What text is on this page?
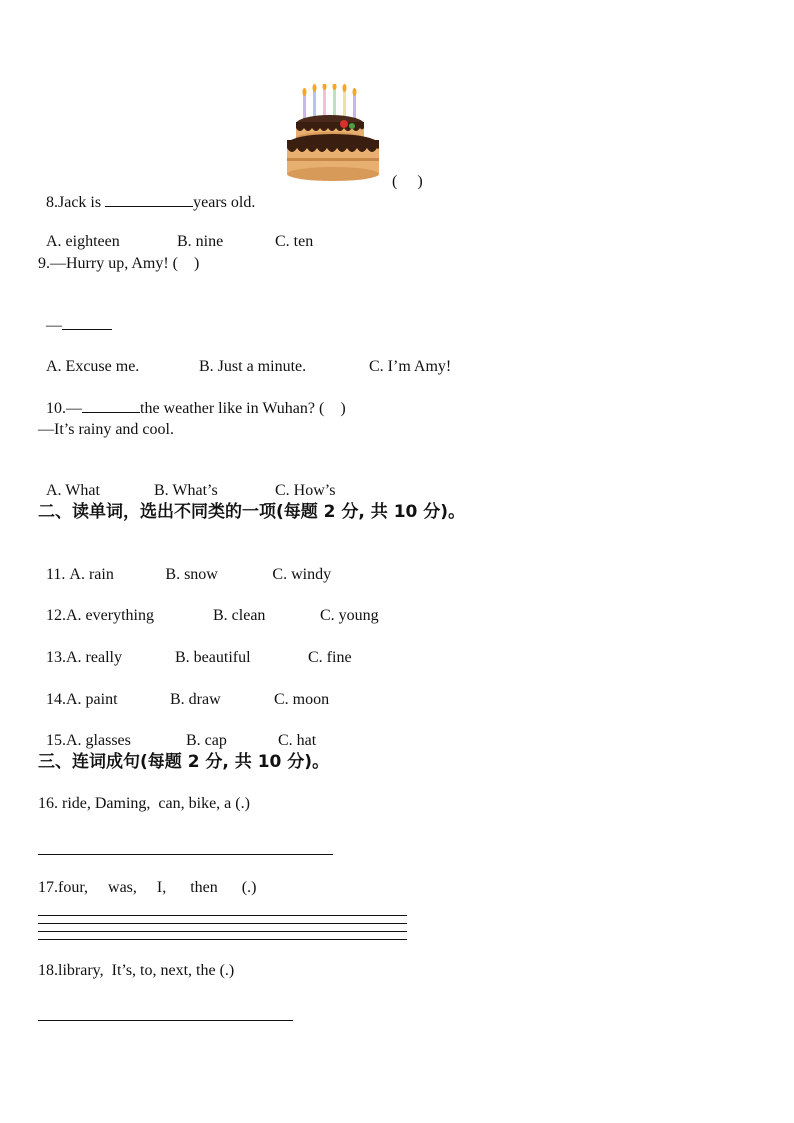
8.Jack is	years old.

(     )

A. eighteen	B. nine	C. ten

9.—Hurry up, Amy! (    )

—

A. Excuse me.	B. Just a minute.	C. I’m Amy!

10.—	the weather like in Wuhan? (    )

—It’s rainy and cool.

A. What	B. What’s	C. How’s

二、读单词，选出不同类的一项(每题 2 分, 共 10 分)。

11. A. rain	B. snow	C. windy

12.A. everything	B. clean	C. young

13.A. really	B. beautiful	C. fine

14.A. paint	B. draw	C. moon

15.A. glasses	B. cap	C. hat

三、连词成句(每题 2 分, 共 10 分)。
16. ride, Daming,  can, bike, a (.)
17.four,     was,     I,      then      (.)
18.library,  It’s, to, next, the (.)
